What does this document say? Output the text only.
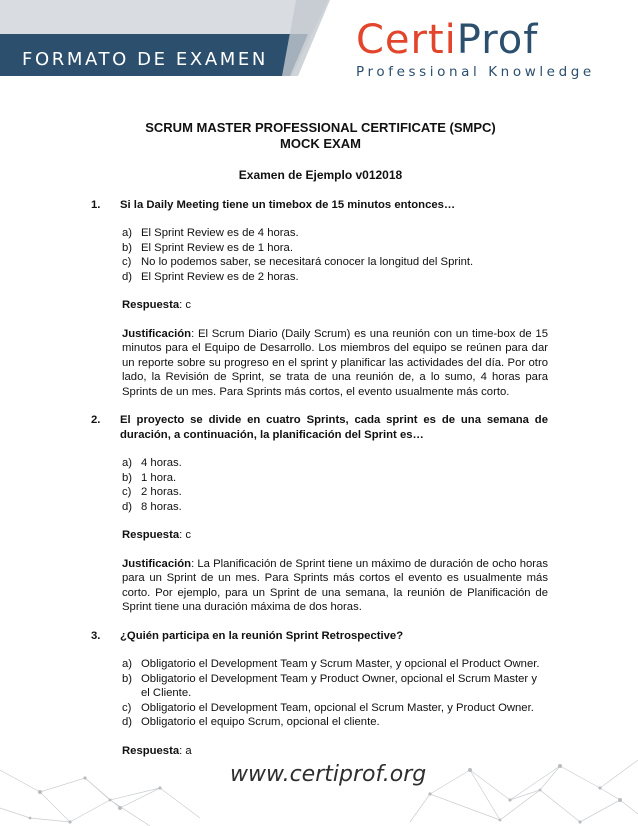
FORMATO DE EXAMEN CertiProf
Professional Knowledge
SCRUM MASTER PROFESSIONAL CERTIFICATE (SMPC)
MOCK EXAM
Examen de Ejemplo v012018
1.	Si la Daily Meeting tiene un timebox de 15 minutos entonces…
a) El Sprint Review es de 4 horas.
b) El Sprint Review es de 1 hora.
c) No lo podemos saber, se necesitará conocer la longitud del Sprint.
d) El Sprint Review es de 2 horas.
Respuesta: c
Justificación: El Scrum Diario (Daily Scrum) es una reunión con un time-box de 15 minutos para el Equipo de Desarrollo. Los miembros del equipo se reúnen para dar un reporte sobre su progreso en el sprint y planificar las actividades del día. Por otro lado, la Revisión de Sprint, se trata de una reunión de, a lo sumo, 4 horas para Sprints de un mes. Para Sprints más cortos, el evento usualmente más corto.
2.	El proyecto se divide en cuatro Sprints, cada sprint es de una semana de duración, a continuación, la planificación del Sprint es…
a) 4 horas.
b) 1 hora.
c) 2 horas.
d) 8 horas.
Respuesta: c
Justificación: La Planificación de Sprint tiene un máximo de duración de ocho horas para un Sprint de un mes. Para Sprints más cortos el evento es usualmente más corto. Por ejemplo, para un Sprint de una semana, la reunión de Planificación de Sprint tiene una duración máxima de dos horas.
3.	¿Quién participa en la reunión Sprint Retrospective?
a) Obligatorio el Development Team y Scrum Master, y opcional el Product Owner.
b) Obligatorio el Development Team y Product Owner, opcional el Scrum Master y el Cliente.
c) Obligatorio el Development Team, opcional el Scrum Master, y Product Owner.
d) Obligatorio el equipo Scrum, opcional el cliente.
Respuesta: a
www.certiprof.org
